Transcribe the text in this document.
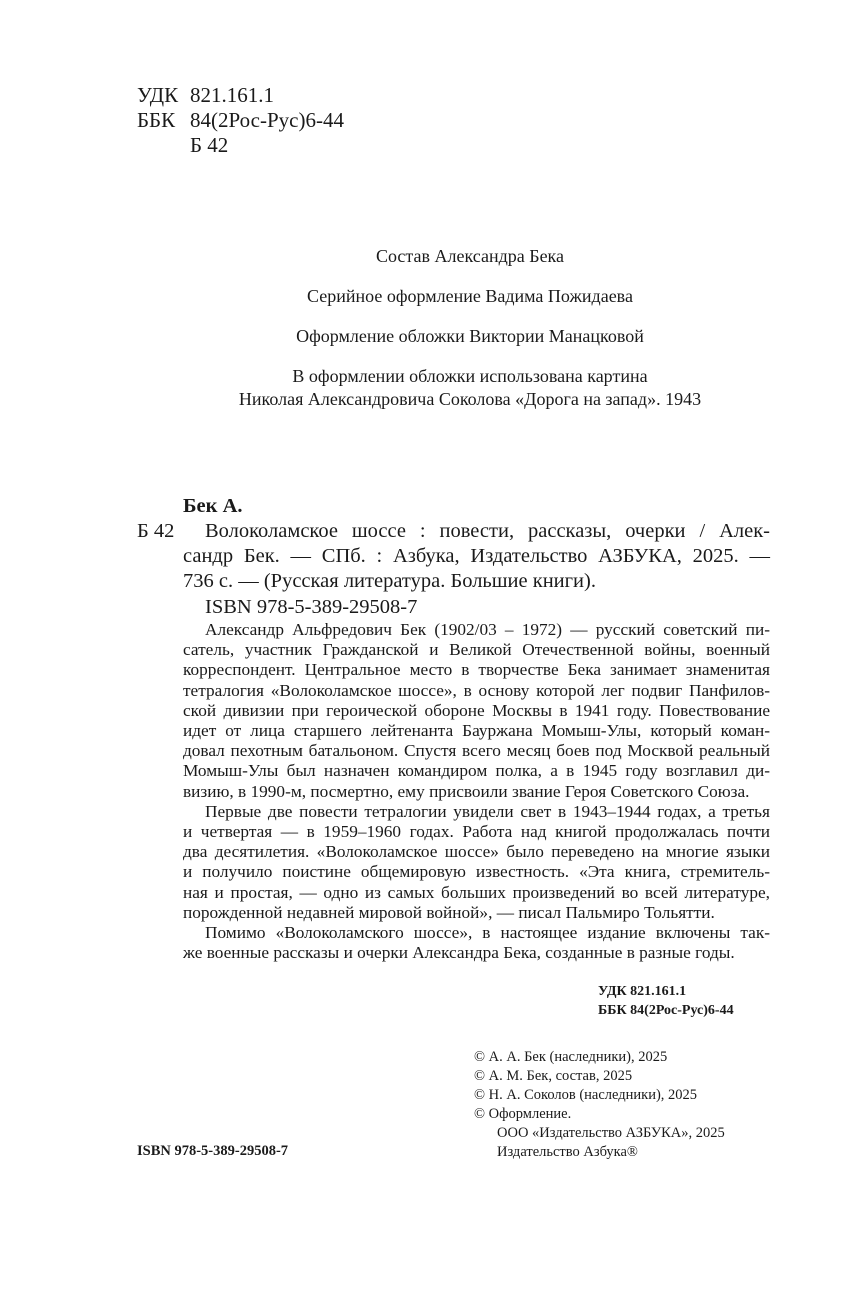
УДК 821.161.1
ББК 84(2Рос-Рус)6-44
Б 42
Состав Александра Бека
Серийное оформление Вадима Пожидаева
Оформление обложки Виктории Манацковой
В оформлении обложки использована картина
Николая Александровича Соколова «Дорога на запад». 1943
Бек А.
Б 42 Волоколамское шоссе : повести, рассказы, очерки / Алек-
сандр Бек. — СПб. : Азбука, Издательство АЗБУКА, 2025. —
736 с. — (Русская литература. Большие книги).
ISBN 978-5-389-29508-7
Александр Альфредович Бек (1902/03 – 1972) — русский советский пи-
сатель, участник Гражданской и Великой Отечественной войны, военный
корреспондент. Центральное место в творчестве Бека занимает знаменитая
тетралогия «Волоколамское шоссе», в основу которой лег подвиг Панфилов-
ской дивизии при героической обороне Москвы в 1941 году. Повествование
идет от лица старшего лейтенанта Бауржана Момыш-Улы, который коман-
довал пехотным батальоном. Спустя всего месяц боев под Москвой реальный
Момыш-Улы был назначен командиром полка, а в 1945 году возглавил ди-
визию, в 1990-м, посмертно, ему присвоили звание Героя Советского Союза.
Первые две повести тетралогии увидели свет в 1943–1944 годах, а третья
и четвертая — в 1959–1960 годах. Работа над книгой продолжалась почти
два десятилетия. «Волоколамское шоссе» было переведено на многие языки
и получило поистине общемировую известность. «Эта книга, стремитель-
ная и простая, — одно из самых больших произведений во всей литературе,
порожденной недавней мировой войной», — писал Пальмиро Тольятти.
Помимо «Волоколамского шоссе», в настоящее издание включены так-
же военные рассказы и очерки Александра Бека, созданные в разные годы.
УДК 821.161.1
ББК 84(2Рос-Рус)6-44
© А. А. Бек (наследники), 2025
© А. М. Бек, состав, 2025
© Н. А. Соколов (наследники), 2025
© Оформление.
ООО «Издательство АЗБУКА», 2025
Издательство Азбука®
ISBN 978-5-389-29508-7
